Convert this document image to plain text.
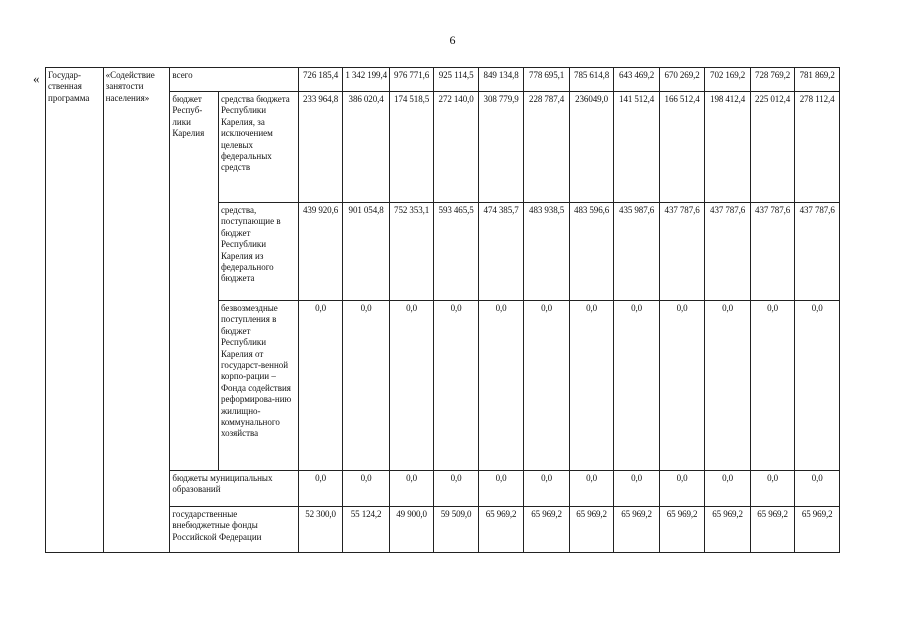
6
« Государ-ственная программа	«Содействие занятости населения»	всего		726 185,4	1 342 199,4	976 771,6	925 114,5	849 134,8	778 695,1	785 614,8	643 469,2	670 269,2	702 169,2	728 769,2	781 869,2
		бюджет Респуб-лики Карелия	средства бюджета Республики Карелия, за исключением целевых федеральных средств	233 964,8	386 020,4	174 518,5	272 140,0	308 779,9	228 787,4	236049,0	141 512,4	166 512,4	198 412,4	225 012,4	278 112,4
			средства, поступающие в бюджет Республики Карелия из федерального бюджета	439 920,6	901 054,8	752 353,1	593 465,5	474 385,7	483 938,5	483 596,6	435 987,6	437 787,6	437 787,6	437 787,6	437 787,6
			безвозмездные поступления в бюджет Республики Карелия от государст-венной корпо-рации – Фонда содействия реформирова-нию жилищно-коммунального хозяйства	0,0	0,0	0,0	0,0	0,0	0,0	0,0	0,0	0,0	0,0	0,0	0,0
		бюджеты муниципальных образований		0,0	0,0	0,0	0,0	0,0	0,0	0,0	0,0	0,0	0,0	0,0	0,0
		государственные внебюджетные фонды Российской Федерации		52 300,0	55 124,2	49 900,0	59 509,0	65 969,2	65 969,2	65 969,2	65 969,2	65 969,2	65 969,2	65 969,2	65 969,2
